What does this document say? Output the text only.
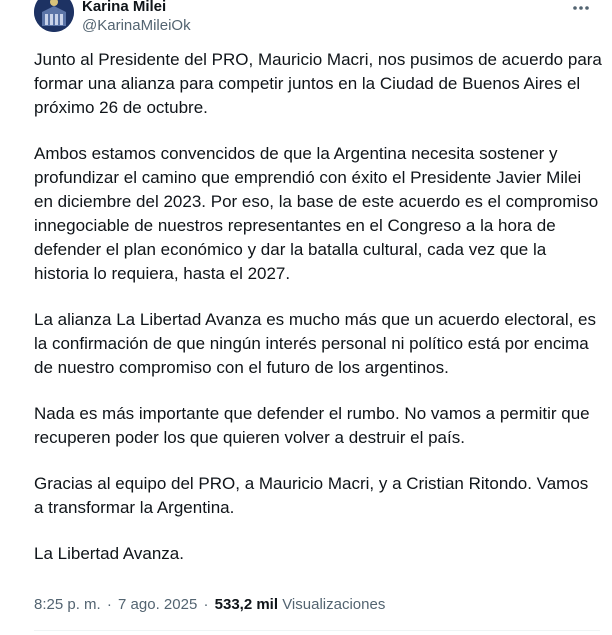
Karina Milei
@KarinaMileiOk

Junto al Presidente del PRO, Mauricio Macri, nos pusimos de acuerdo para formar una alianza para competir juntos en la Ciudad de Buenos Aires el próximo 26 de octubre.

Ambos estamos convencidos de que la Argentina necesita sostener y profundizar el camino que emprendió con éxito el Presidente Javier Milei en diciembre del 2023. Por eso, la base de este acuerdo es el compromiso innegociable de nuestros representantes en el Congreso a la hora de defender el plan económico y dar la batalla cultural, cada vez que la historia lo requiera, hasta el 2027.

La alianza La Libertad Avanza es mucho más que un acuerdo electoral, es la confirmación de que ningún interés personal ni político está por encima de nuestro compromiso con el futuro de los argentinos.

Nada es más importante que defender el rumbo. No vamos a permitir que recuperen poder los que quieren volver a destruir el país.

Gracias al equipo del PRO, a Mauricio Macri, y a Cristian Ritondo. Vamos a transformar la Argentina.

La Libertad Avanza.

8:25 p. m. · 7 ago. 2025 · 533,2 mil Visualizaciones
